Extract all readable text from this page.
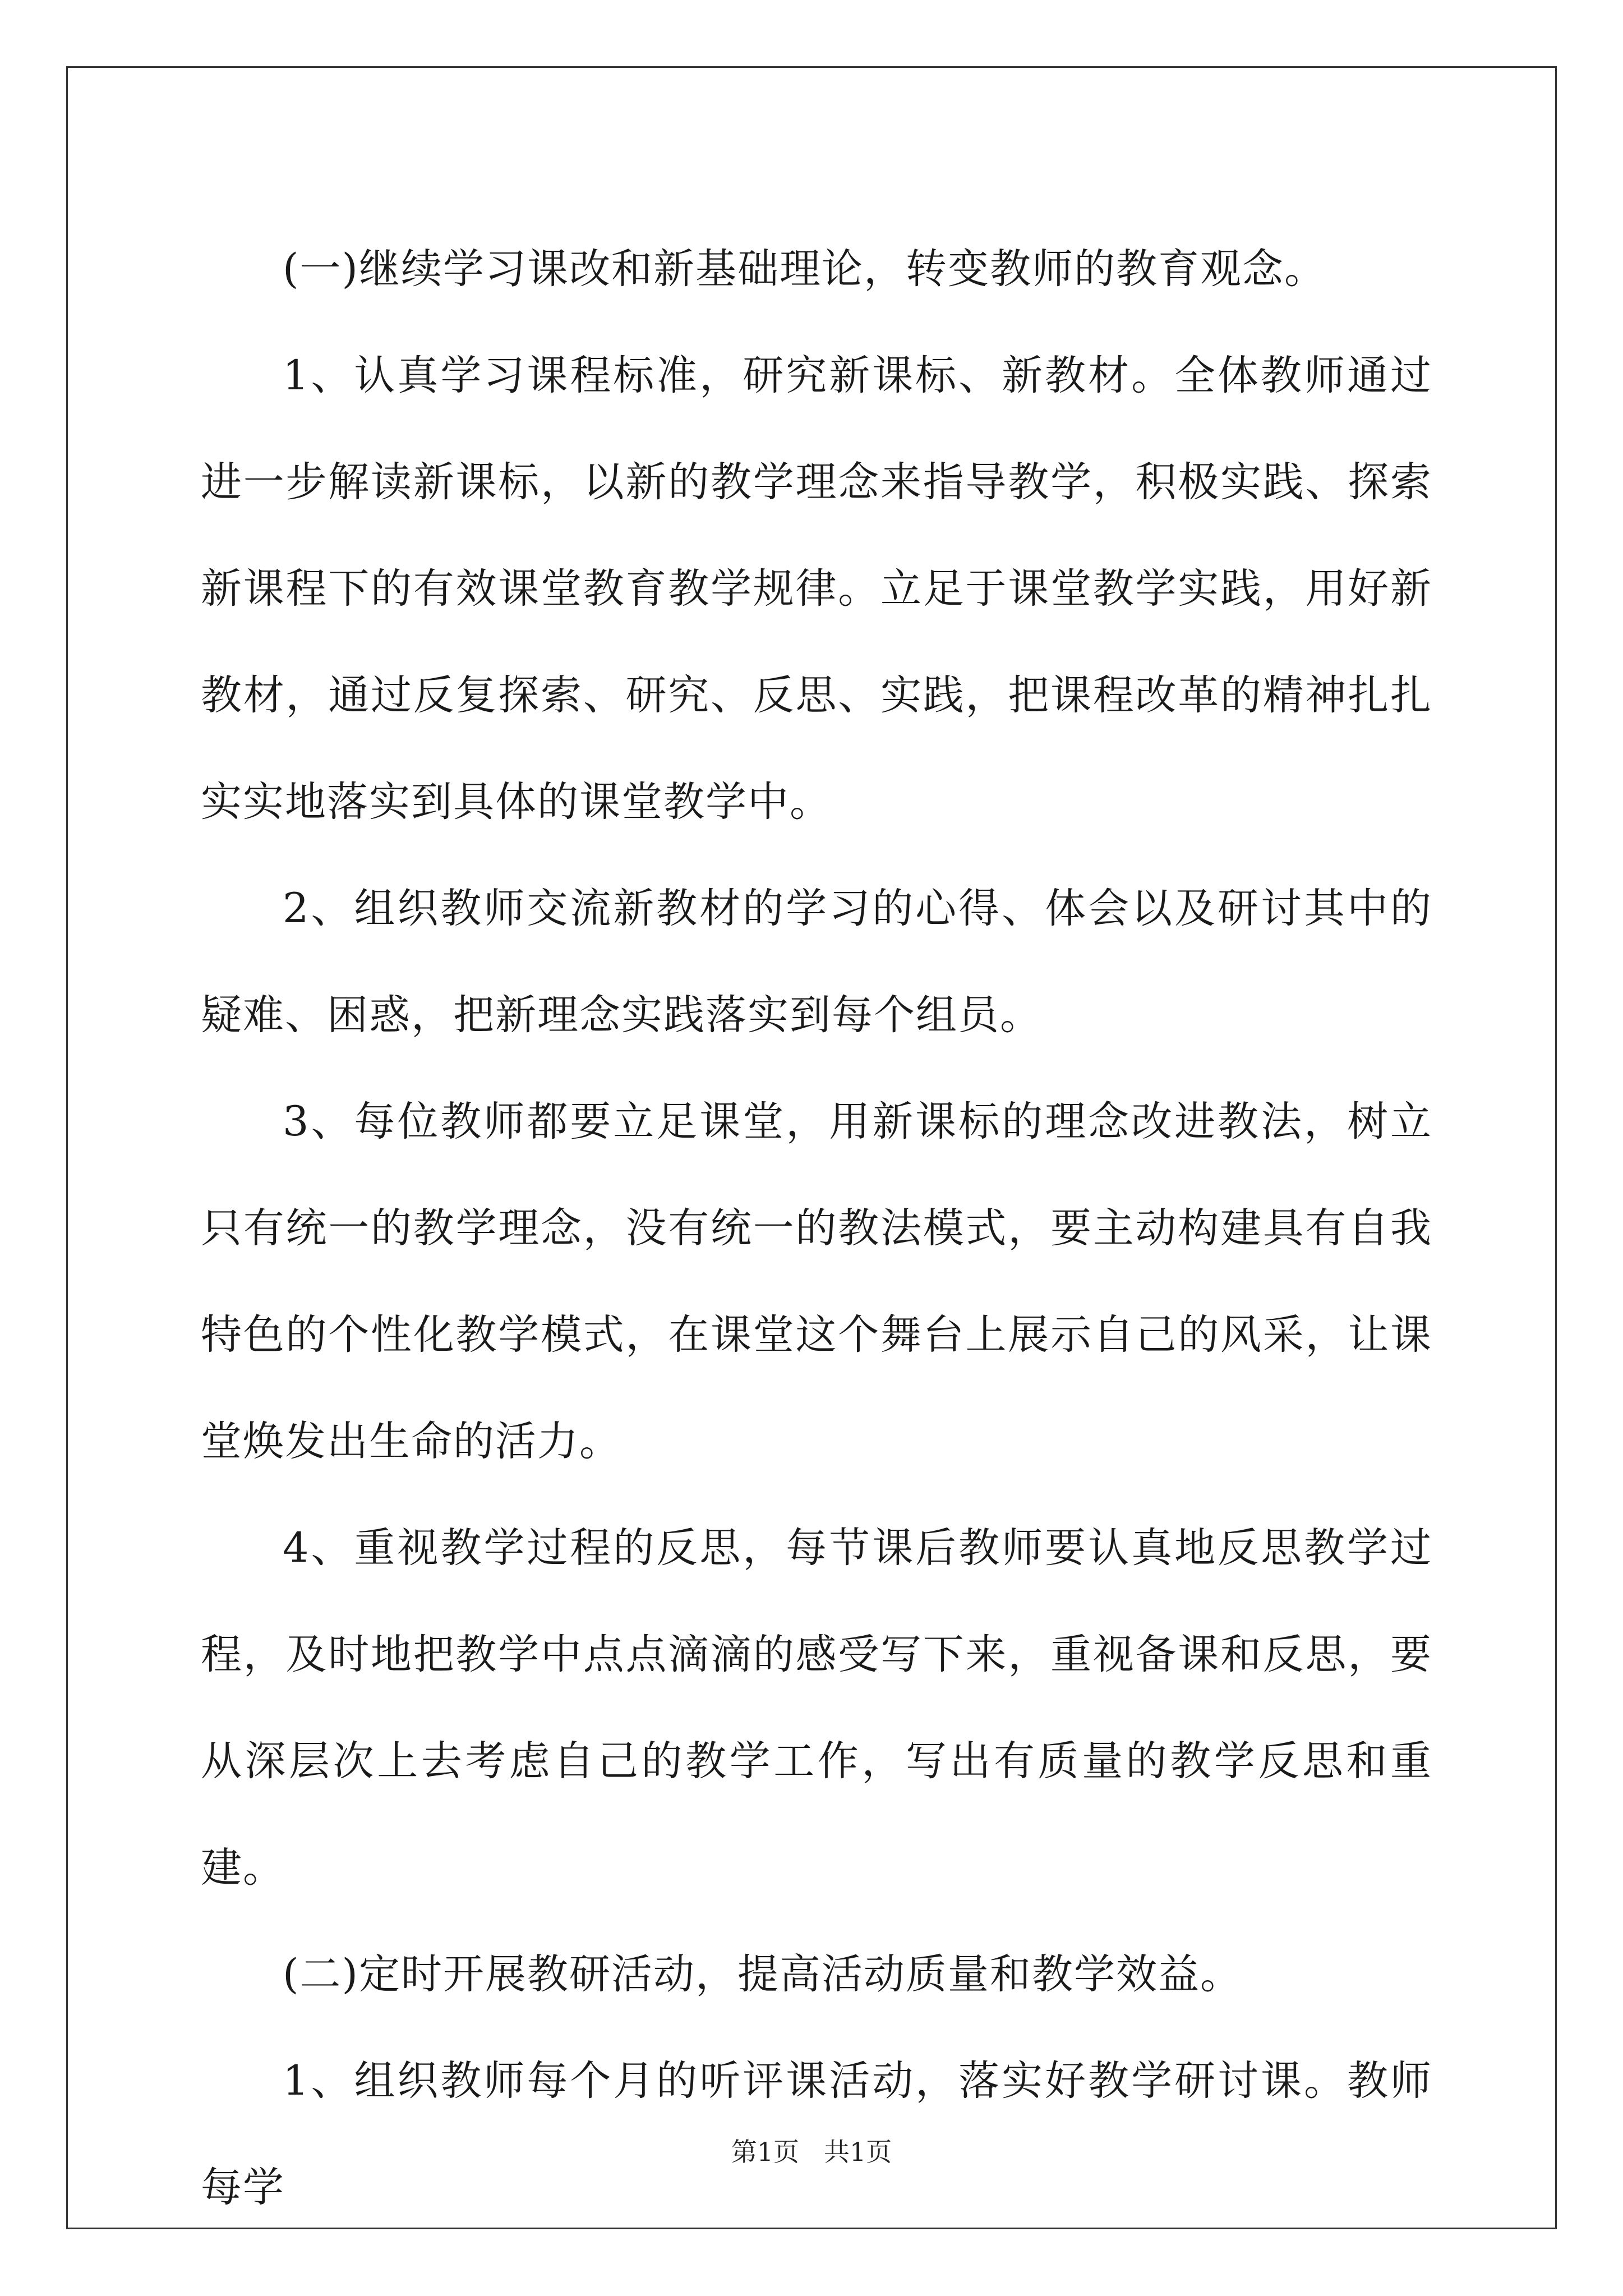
(一)继续学习课改和新基础理论，转变教师的教育观念。

1、认真学习课程标准，研究新课标、新教材。全体教师通过进一步解读新课标，以新的教学理念来指导教学，积极实践、探索新课程下的有效课堂教育教学规律。立足于课堂教学实践，用好新教材，通过反复探索、研究、反思、实践，把课程改革的精神扎扎实实地落实到具体的课堂教学中。

2、组织教师交流新教材的学习的心得、体会以及研讨其中的疑难、困惑，把新理念实践落实到每个组员。

3、每位教师都要立足课堂，用新课标的理念改进教法，树立只有统一的教学理念，没有统一的教法模式，要主动构建具有自我特色的个性化教学模式，在课堂这个舞台上展示自己的风采，让课堂焕发出生命的活力。

4、重视教学过程的反思，每节课后教师要认真地反思教学过程，及时地把教学中点点滴滴的感受写下来，重视备课和反思，要从深层次上去考虑自己的教学工作，写出有质量的教学反思和重建。

(二)定时开展教研活动，提高活动质量和教学效益。

1、组织教师每个月的听评课活动，落实好教学研讨课。教师每学

第1页 共1页
